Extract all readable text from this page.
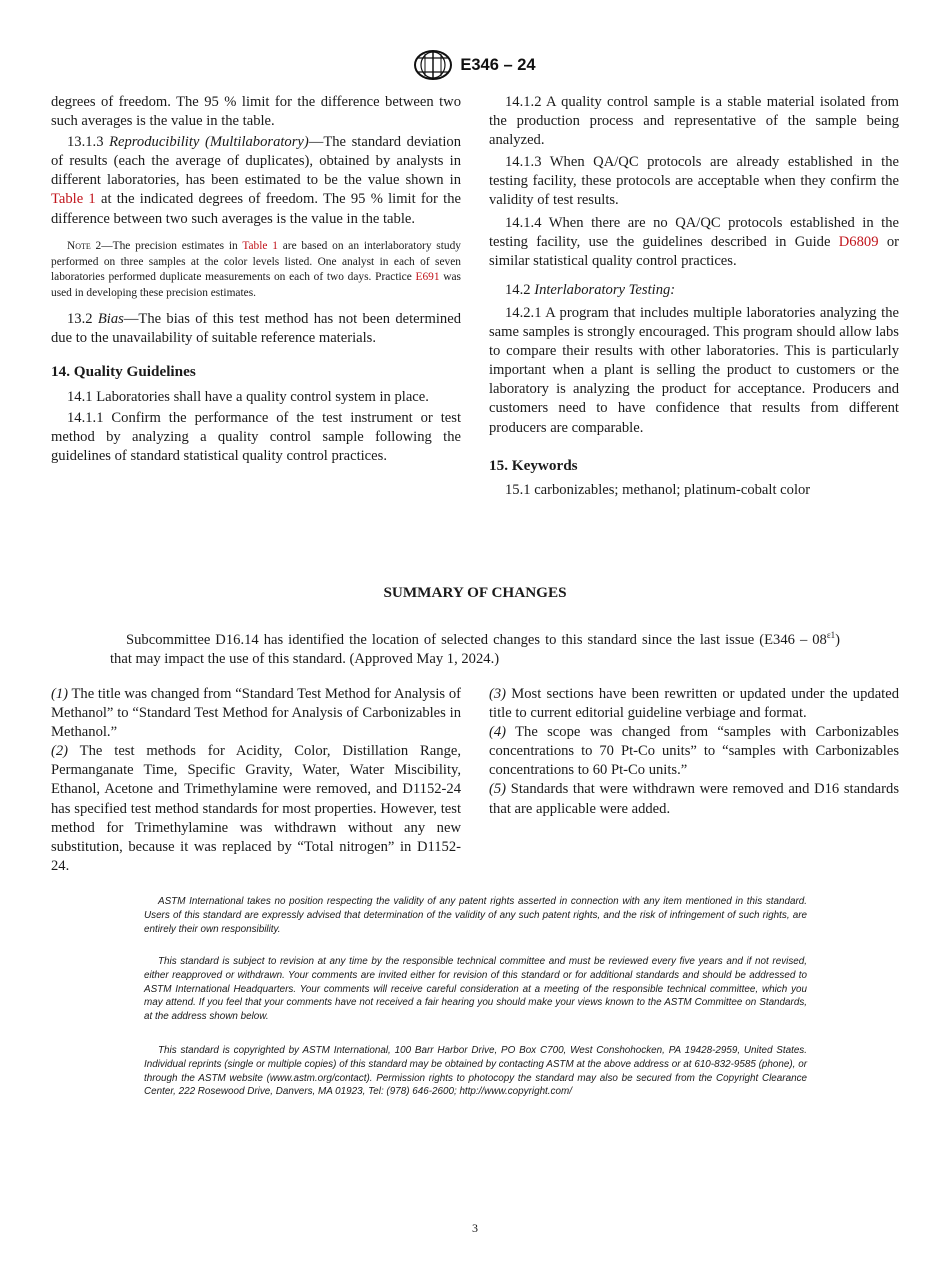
E346 – 24

degrees of freedom. The 95 % limit for the difference between two such averages is the value in the table.

13.1.3 Reproducibility (Multilaboratory)—The standard deviation of results (each the average of duplicates), obtained by analysts in different laboratories, has been estimated to be the value shown in Table 1 at the indicated degrees of freedom. The 95 % limit for the difference between two such averages is the value in the table.

Note 2—The precision estimates in Table 1 are based on an interlaboratory study performed on three samples at the color levels listed. One analyst in each of seven laboratories performed duplicate measurements on each of two days. Practice E691 was used in developing these precision estimates.

13.2 Bias—The bias of this test method has not been determined due to the unavailability of suitable reference materials.

14. Quality Guidelines

14.1 Laboratories shall have a quality control system in place.

14.1.1 Confirm the performance of the test instrument or test method by analyzing a quality control sample following the guidelines of standard statistical quality control practices.

14.1.2 A quality control sample is a stable material isolated from the production process and representative of the sample being analyzed.

14.1.3 When QA/QC protocols are already established in the testing facility, these protocols are acceptable when they confirm the validity of test results.

14.1.4 When there are no QA/QC protocols established in the testing facility, use the guidelines described in Guide D6809 or similar statistical quality control practices.

14.2 Interlaboratory Testing:

14.2.1 A program that includes multiple laboratories analyzing the same samples is strongly encouraged. This program should allow labs to compare their results with other laboratories. This is particularly important when a plant is selling the product to customers or the laboratory is analyzing the product for acceptance. Producers and customers need to have confidence that results from different producers are comparable.

15. Keywords

15.1 carbonizables; methanol; platinum-cobalt color

SUMMARY OF CHANGES

Subcommittee D16.14 has identified the location of selected changes to this standard since the last issue $(E346 - 08^{\varepsilon 1})$ that may impact the use of this standard. (Approved May 1, 2024.)

(1) The title was changed from “Standard Test Method for Analysis of Methanol” to “Standard Test Method for Analysis of Carbonizables in Methanol.”

(2) The test methods for Acidity, Color, Distillation Range, Permanganate Time, Specific Gravity, Water, Water Miscibility, Ethanol, Acetone and Trimethylamine were removed, and D1152-24 has specified test method standards for most properties. However, test method for Trimethylamine was withdrawn without any new substitution, because it was replaced by “Total nitrogen” in D1152-24.

(3) Most sections have been rewritten or updated under the updated title to current editorial guideline verbiage and format.

(4) The scope was changed from “samples with Carbonizables concentrations to 70 Pt-Co units” to “samples with Carbonizables concentrations to 60 Pt-Co units.”

(5) Standards that were withdrawn were removed and D16 standards that are applicable were added.

ASTM International takes no position respecting the validity of any patent rights asserted in connection with any item mentioned in this standard. Users of this standard are expressly advised that determination of the validity of any such patent rights, and the risk of infringement of such rights, are entirely their own responsibility.

This standard is subject to revision at any time by the responsible technical committee and must be reviewed every five years and if not revised, either reapproved or withdrawn. Your comments are invited either for revision of this standard or for additional standards and should be addressed to ASTM International Headquarters. Your comments will receive careful consideration at a meeting of the responsible technical committee, which you may attend. If you feel that your comments have not received a fair hearing you should make your views known to the ASTM Committee on Standards, at the address shown below.

This standard is copyrighted by ASTM International, 100 Barr Harbor Drive, PO Box C700, West Conshohocken, PA 19428-2959, United States. Individual reprints (single or multiple copies) of this standard may be obtained by contacting ASTM at the above address or at 610-832-9585 (phone), or through the ASTM website (www.astm.org/contact). Permission rights to photocopy the standard may also be secured from the Copyright Clearance Center, 222 Rosewood Drive, Danvers, MA 01923, Tel: (978) 646-2600; http://www.copyright.com/

3
